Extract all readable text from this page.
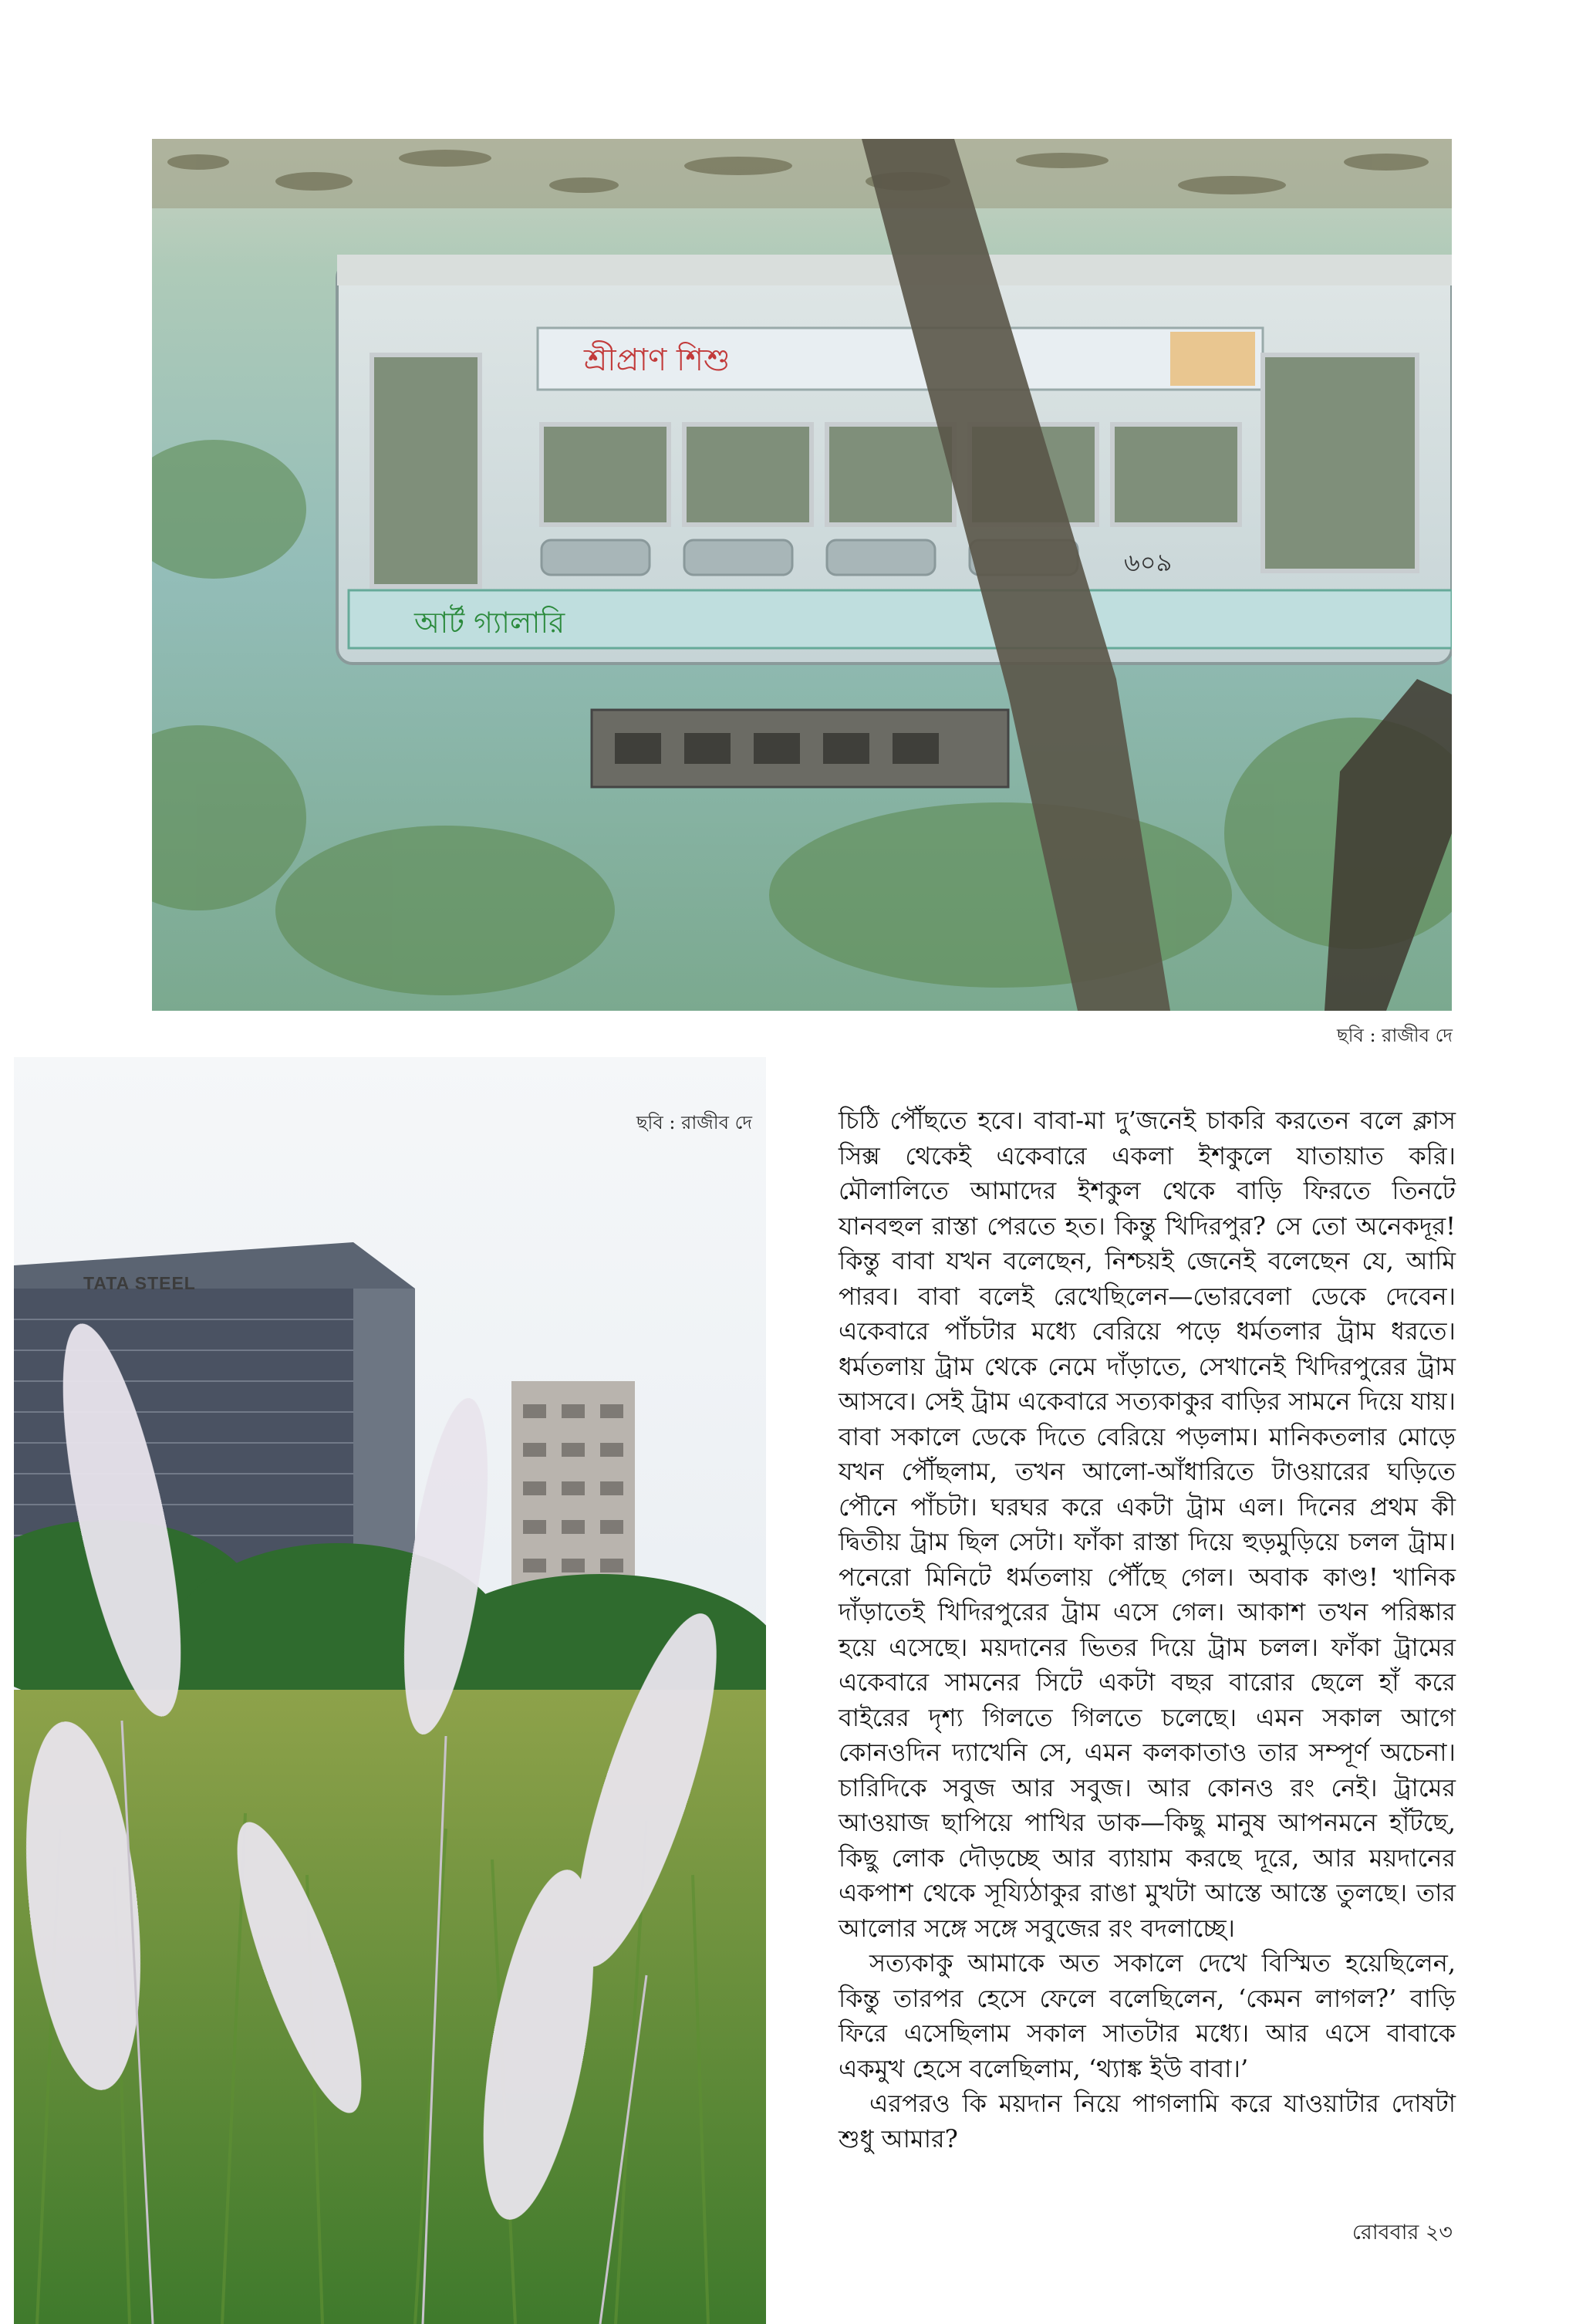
শ্রীপ্রাণ শিশু
৬০৯
আর্ট গ্যালারি
ছবি : রাজীব দে
TATA STEEL
ছবি : রাজীব দে	চিঠি পৌঁছতে হবে। বাবা-মা দু’জনেই চাকরি করতেন বলে ক্লাস সিক্স থেকেই একেবারে একলা ইশকুলে যাতায়াত করি। মৌলালিতে আমাদের ইশকুল থেকে বাড়ি ফিরতে তিনটে যানবহুল রাস্তা পেরতে হত। কিন্তু খিদিরপুর? সে তো অনেকদূর! কিন্তু বাবা যখন বলেছেন, নিশ্চয়ই জেনেই বলেছেন যে, আমি পারব। বাবা বলেই রেখেছিলেন—ভোরবেলা ডেকে দেবেন। একেবারে পাঁচটার মধ্যে বেরিয়ে পড়ে ধর্মতলার ট্রাম ধরতে। ধর্মতলায় ট্রাম থেকে নেমে দাঁড়াতে, সেখানেই খিদিরপুরের ট্রাম আসবে। সেই ট্রাম একেবারে সত্যকাকুর বাড়ির সামনে দিয়ে যায়। বাবা সকালে ডেকে দিতে বেরিয়ে পড়লাম। মানিকতলার মোড়ে যখন পৌঁছলাম, তখন আলো-আঁধারিতে টাওয়ারের ঘড়িতে পৌনে পাঁচটা। ঘরঘর করে একটা ট্রাম এল। দিনের প্রথম কী দ্বিতীয় ট্রাম ছিল সেটা। ফাঁকা রাস্তা দিয়ে হুড়মুড়িয়ে চলল ট্রাম। পনেরো মিনিটে ধর্মতলায় পৌঁছে গেল। অবাক কাণ্ড! খানিক দাঁড়াতেই খিদিরপুরের ট্রাম এসে গেল। আকাশ তখন পরিষ্কার হয়ে এসেছে। ময়দানের ভিতর দিয়ে ট্রাম চলল। ফাঁকা ট্রামের একেবারে সামনের সিটে একটা বছর বারোর ছেলে হাঁ করে বাইরের দৃশ্য গিলতে গিলতে চলেছে। এমন সকাল আগে কোনওদিন দ্যাখেনি সে, এমন কলকাতাও তার সম্পূর্ণ অচেনা। চারিদিকে সবুজ আর সবুজ। আর কোনও রং নেই। ট্রামের আওয়াজ ছাপিয়ে পাখির ডাক—কিছু মানুষ আপনমনে হাঁটছে, কিছু লোক দৌড়চ্ছে আর ব্যায়াম করছে দূরে, আর ময়দানের একপাশ থেকে সূয্যিঠাকুর রাঙা মুখটা আস্তে আস্তে তুলছে। তার আলোর সঙ্গে সঙ্গে সবুজের রং বদলাচ্ছে।

সত্যকাকু আমাকে অত সকালে দেখে বিস্মিত হয়েছিলেন, কিন্তু তারপর হেসে ফেলে বলেছিলেন, ‘কেমন লাগল?’ বাড়ি ফিরে এসেছিলাম সকাল সাতটার মধ্যে। আর এসে বাবাকে একমুখ হেসে বলেছিলাম, ‘থ্যাঙ্ক ইউ বাবা।’

এরপরও কি ময়দান নিয়ে পাগলামি করে যাওয়াটার দোষটা শুধু আমার?

রোববার ২৩
